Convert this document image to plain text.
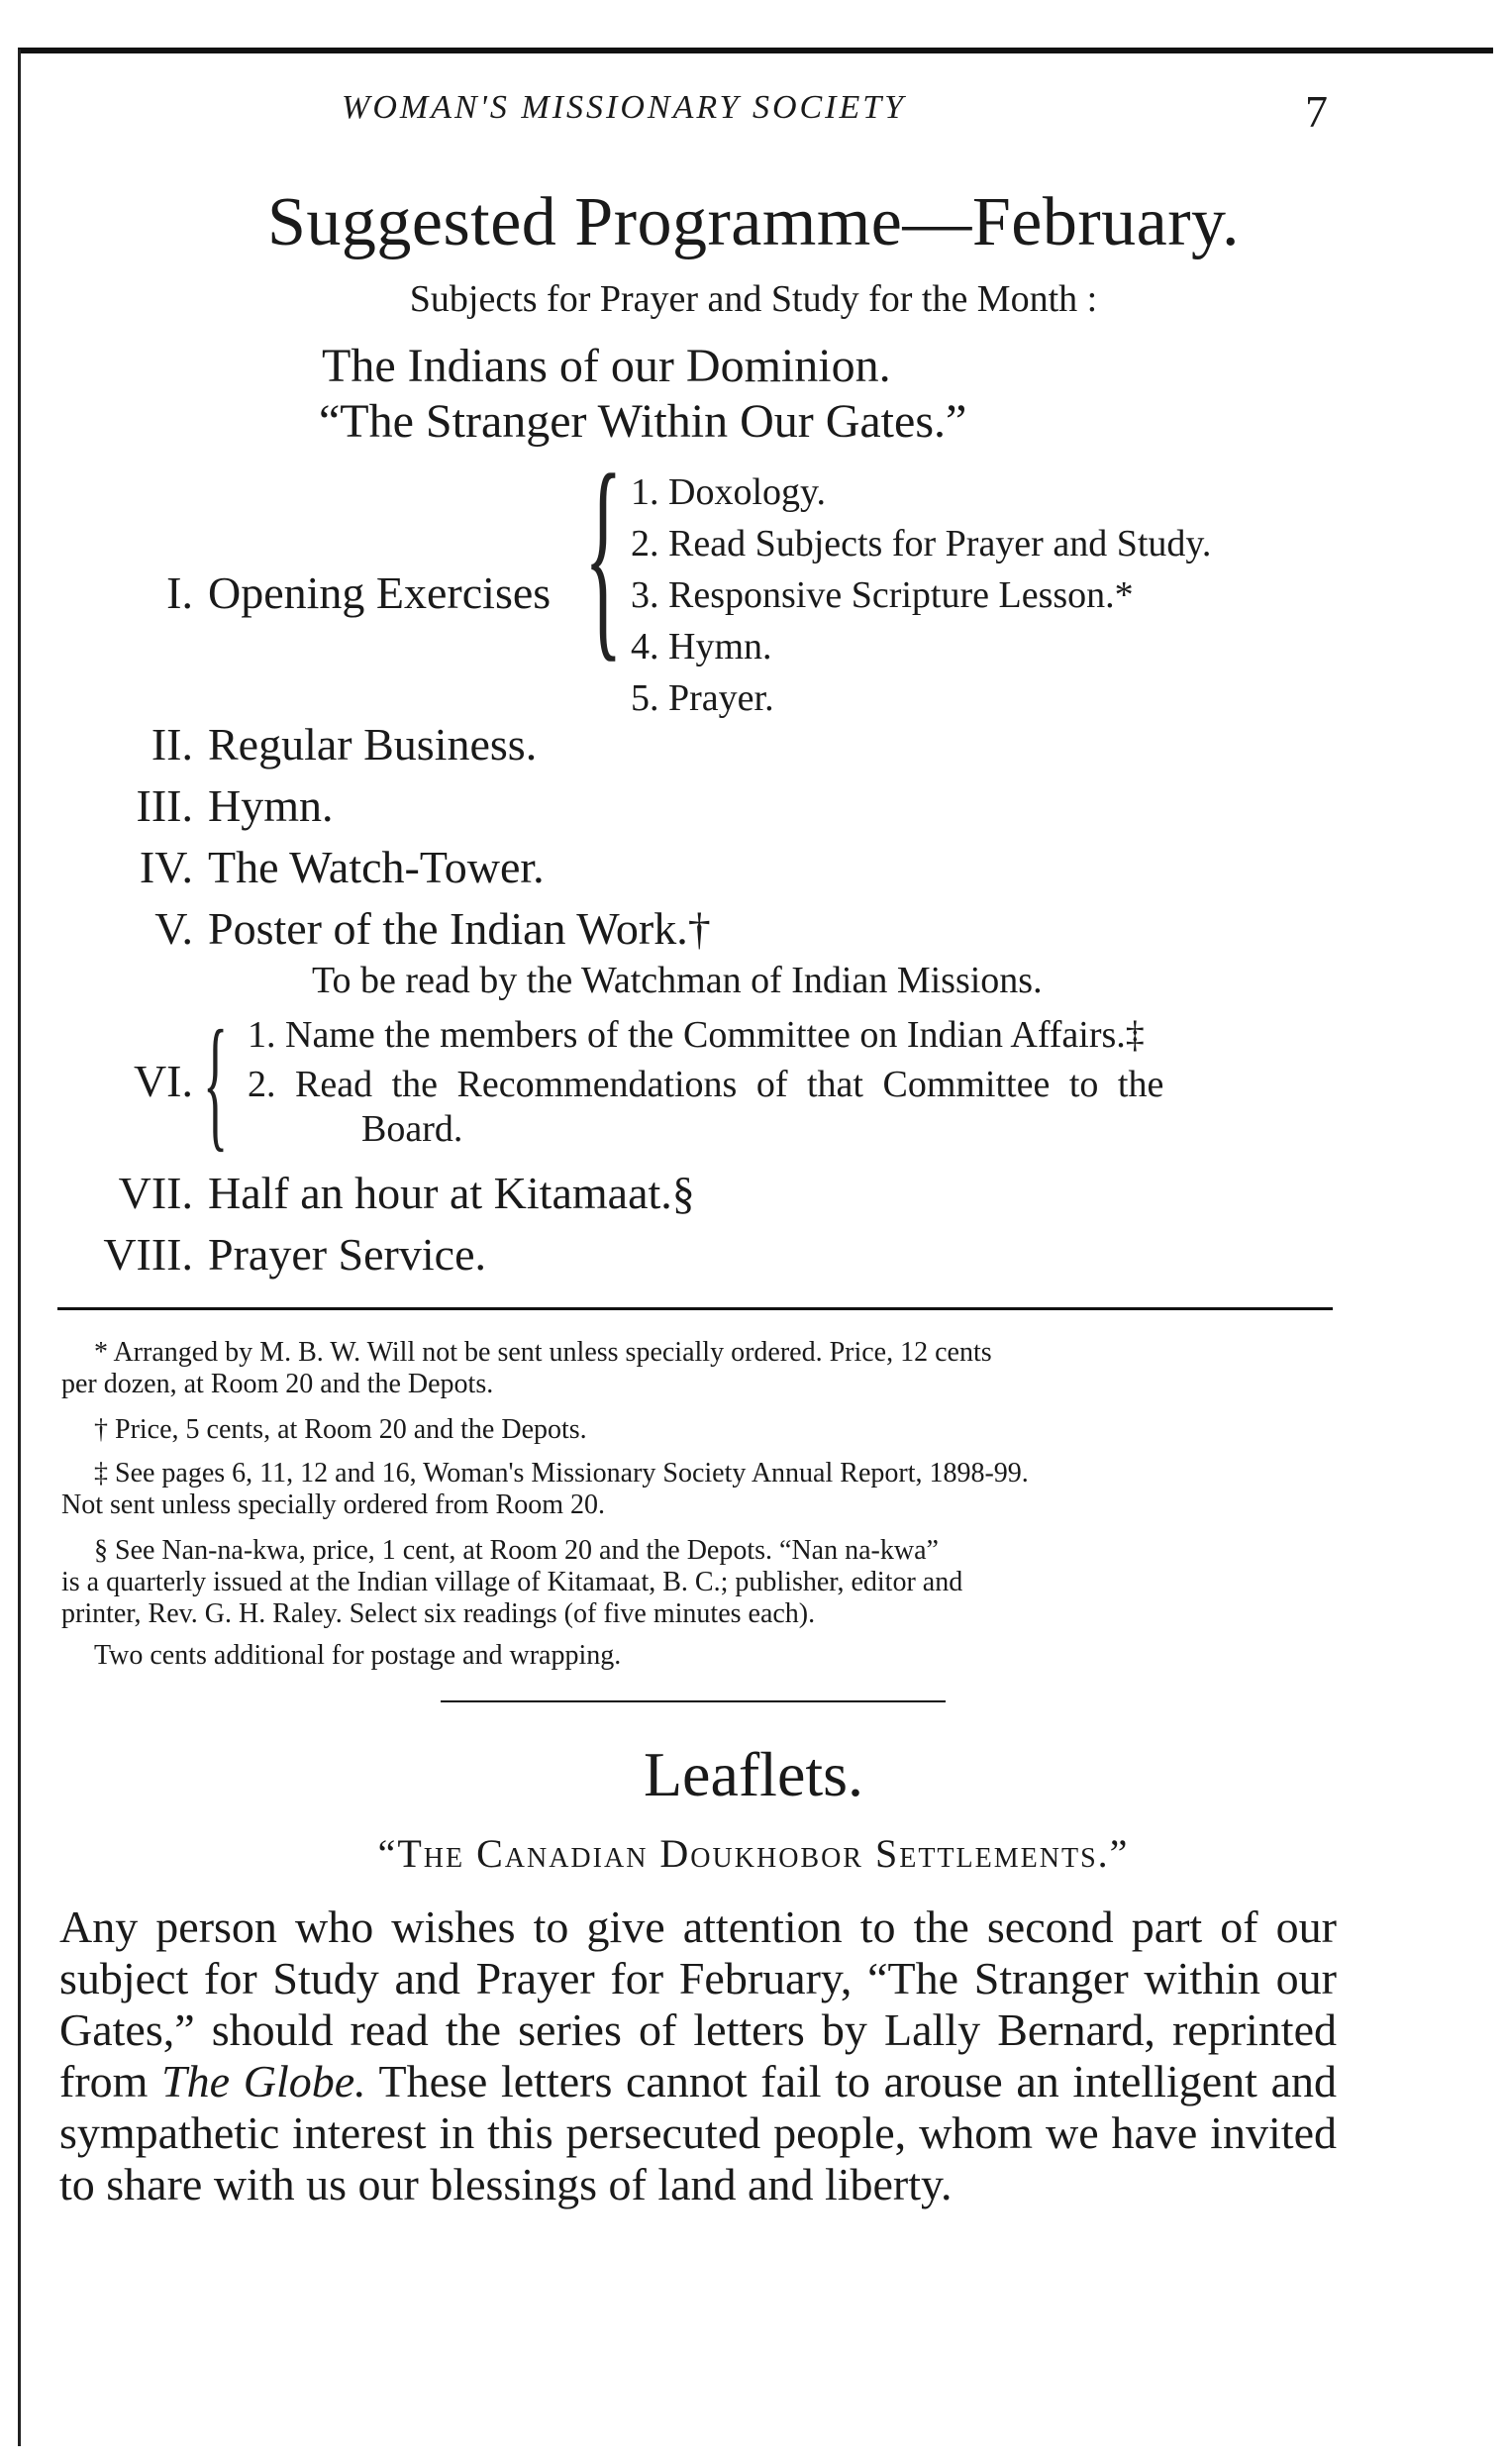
WOMAN'S MISSIONARY SOCIETY	7
Suggested Programme—February.
Subjects for Prayer and Study for the Month :
The Indians of our Dominion.
“The Stranger Within Our Gates.”
I. Opening Exercises { 1. Doxology.
2. Read Subjects for Prayer and Study.
3. Responsive Scripture Lesson.*
4. Hymn.
5. Prayer.
II. Regular Business.
III. Hymn.
IV. The Watch-Tower.
V. Poster of the Indian Work.†
To be read by the Watchman of Indian Missions.
VI. { 1. Name the members of the Committee on Indian Affairs.‡
2. Read the Recommendations of that Committee to the
Board.
VII. Half an hour at Kitamaat.§
VIII. Prayer Service.
* Arranged by M. B. W. Will not be sent unless specially ordered. Price, 12 cents
per dozen, at Room 20 and the Depots.
† Price, 5 cents, at Room 20 and the Depots.
‡ See pages 6, 11, 12 and 16, Woman's Missionary Society Annual Report, 1898-99.
Not sent unless specially ordered from Room 20.
§ See Nan-na-kwa, price, 1 cent, at Room 20 and the Depots. “Nan na-kwa”
is a quarterly issued at the Indian village of Kitamaat, B. C.; publisher, editor and
printer, Rev. G. H. Raley. Select six readings (of five minutes each).
Two cents additional for postage and wrapping.
Leaflets.
“The Canadian Doukhobor Settlements.”
Any person who wishes to give attention to the second part of our subject for Study and Prayer for February, “The Stranger within our Gates,” should read the series of letters by Lally Bernard, reprinted from The Globe. These letters cannot fail to arouse an intelligent and sympathetic interest in this persecuted people, whom we have invited to share with us our blessings of land and liberty.
